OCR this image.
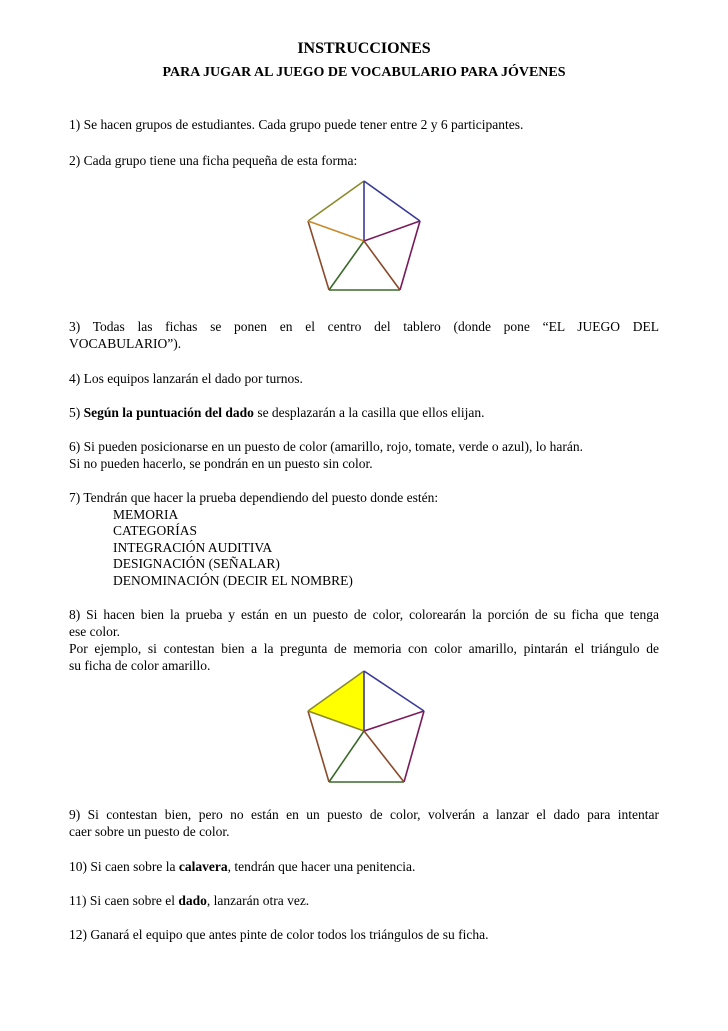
INSTRUCCIONES
PARA JUGAR AL JUEGO DE VOCABULARIO PARA JÓVENES
1) Se hacen grupos de estudiantes. Cada grupo puede tener entre 2 y 6 participantes.
2) Cada grupo tiene una ficha pequeña de esta forma:
3) Todas las fichas se ponen en el centro del tablero (donde pone “EL JUEGO DEL
VOCABULARIO”).
4) Los equipos lanzarán el dado por turnos.
5) Según la puntuación del dado se desplazarán a la casilla que ellos elijan.
6) Si pueden posicionarse en un puesto de color (amarillo, rojo, tomate, verde o azul), lo harán.
Si no pueden hacerlo, se pondrán en un puesto sin color.
7) Tendrán que hacer la prueba dependiendo del puesto donde estén:
MEMORIA
CATEGORÍAS
INTEGRACIÓN AUDITIVA
DESIGNACIÓN (SEÑALAR)
DENOMINACIÓN (DECIR EL NOMBRE)
8) Si hacen bien la prueba y están en un puesto de color, colorearán la porción de su ficha que tenga
ese color.
Por ejemplo, si contestan bien a la pregunta de memoria con color amarillo, pintarán el triángulo de
su ficha de color amarillo.
9) Si contestan bien, pero no están en un puesto de color, volverán a lanzar el dado para intentar
caer sobre un puesto de color.
10) Si caen sobre la calavera, tendrán que hacer una penitencia.
11) Si caen sobre el dado, lanzarán otra vez.
12) Ganará el equipo que antes pinte de color todos los triángulos de su ficha.
